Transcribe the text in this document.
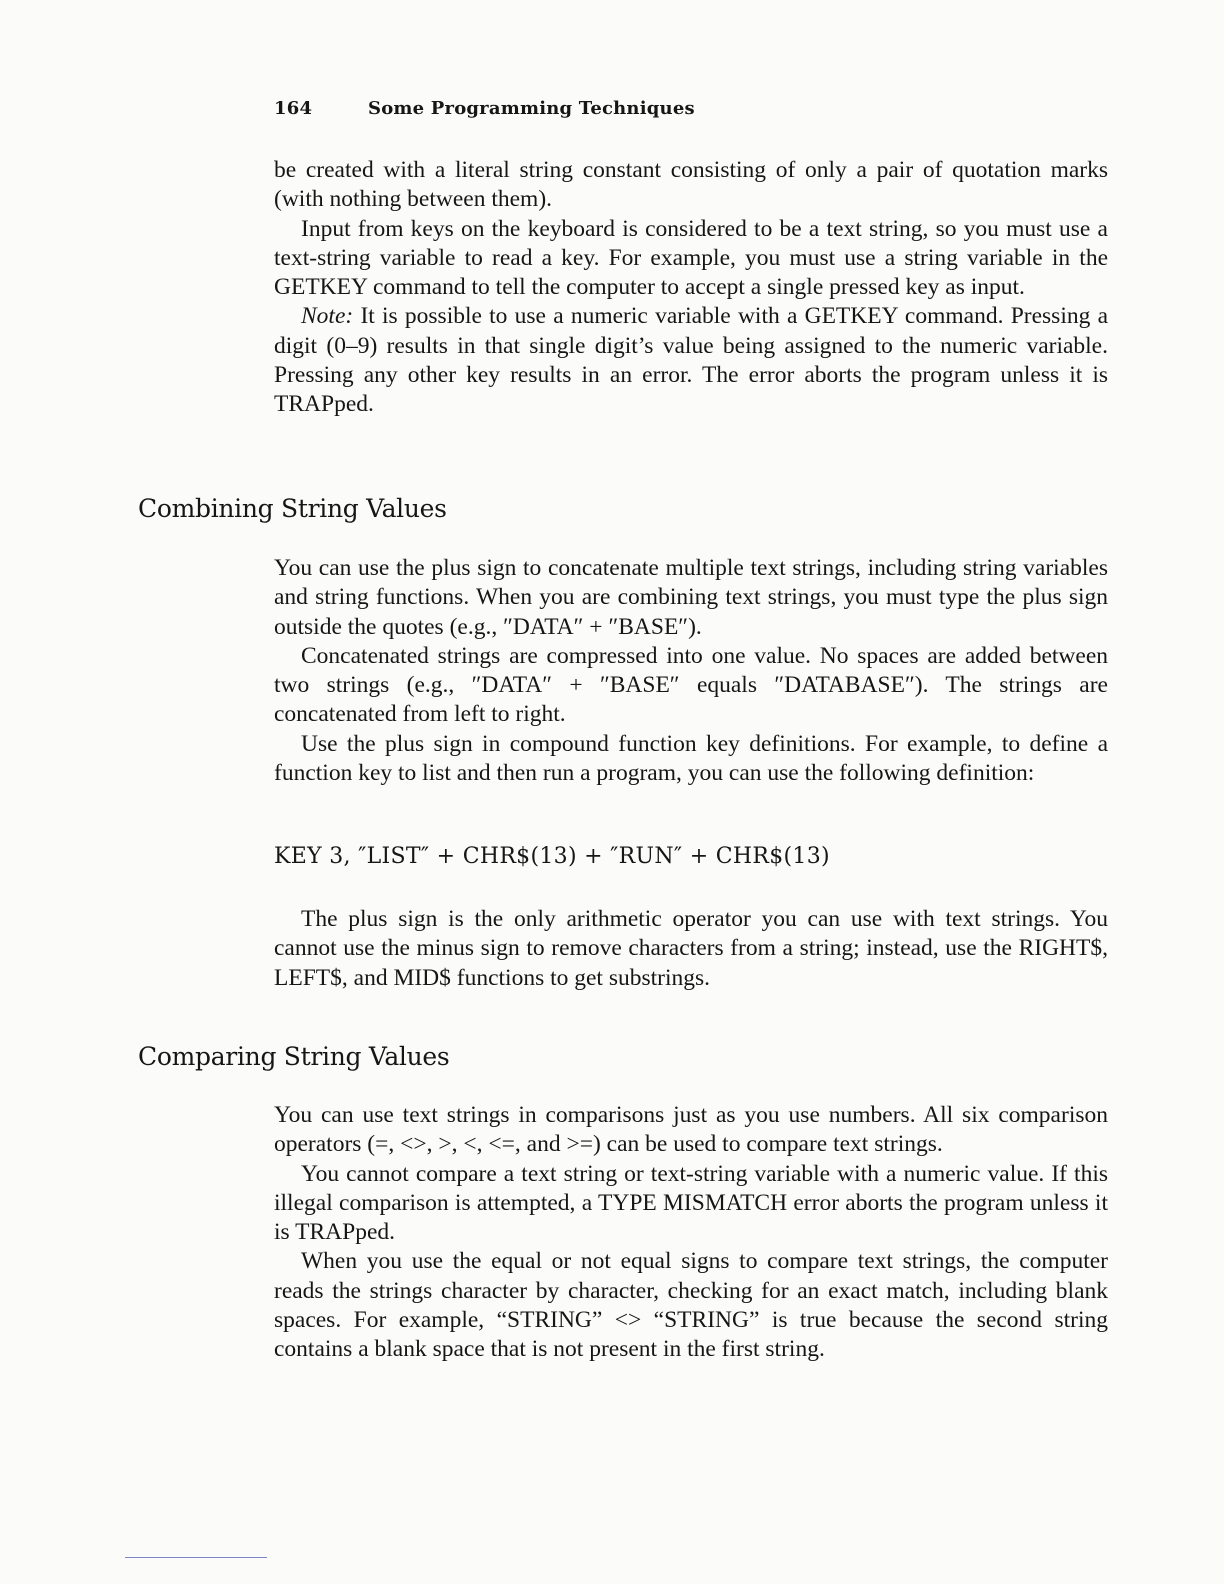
164	Some Programming Techniques

be created with a literal string constant consisting of only a pair of quotation marks (with nothing between them).

Input from keys on the keyboard is considered to be a text string, so you must use a text-string variable to read a key. For example, you must use a string variable in the GETKEY command to tell the computer to accept a single pressed key as input.

Note: It is possible to use a numeric variable with a GETKEY command. Pressing a digit (0–9) results in that single digit’s value being assigned to the numeric variable. Pressing any other key results in an error. The error aborts the program unless it is TRAPped.

Combining String Values

You can use the plus sign to concatenate multiple text strings, including string variables and string functions. When you are combining text strings, you must type the plus sign outside the quotes (e.g., ″DATA″ + ″BASE″).

Concatenated strings are compressed into one value. No spaces are added between two strings (e.g., ″DATA″ + ″BASE″ equals ″DATABASE″). The strings are concatenated from left to right.

Use the plus sign in compound function key definitions. For example, to define a function key to list and then run a program, you can use the following definition:

KEY 3, ″LIST″ + CHR$(13) + ″RUN″ + CHR$(13)

The plus sign is the only arithmetic operator you can use with text strings. You cannot use the minus sign to remove characters from a string; instead, use the RIGHT$, LEFT$, and MID$ functions to get substrings.

Comparing String Values

You can use text strings in comparisons just as you use numbers. All six comparison operators (=, <>, >, <, <=, and >=) can be used to compare text strings.

You cannot compare a text string or text-string variable with a numeric value. If this illegal comparison is attempted, a TYPE MISMATCH error aborts the program unless it is TRAPped.

When you use the equal or not equal signs to compare text strings, the computer reads the strings character by character, checking for an exact match, including blank spaces. For example, “STRING” <> “STRING” is true because the second string contains a blank space that is not present in the first string.
